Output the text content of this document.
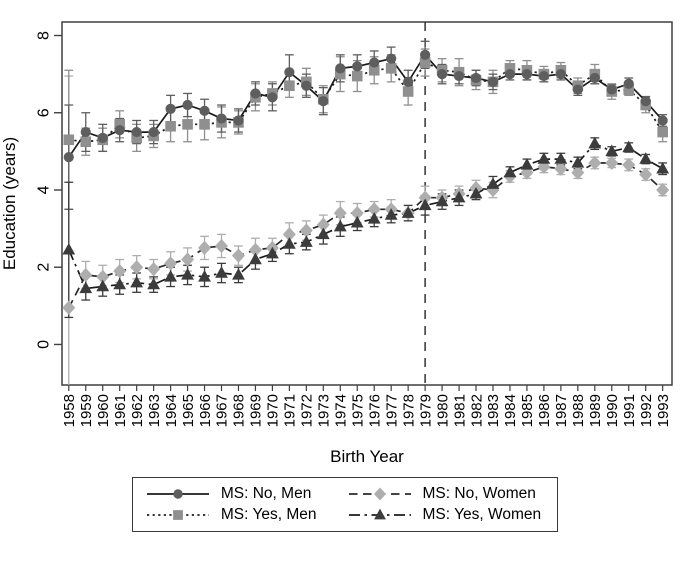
0
2
4
6
8
Education (years)
1958 1959 1960 1961 1962 1963 1964 1965 1966 1967 1968 1969 1970 1971 1972 1973 1974 1975 1976 1977 1978 1979 1980 1981 1982 1983 1984 1985 1986 1987 1988 1989 1990 1991 1992 1993
Birth Year
MS: No, Men	MS: No, Women
MS: Yes, Men	MS: Yes, Women
